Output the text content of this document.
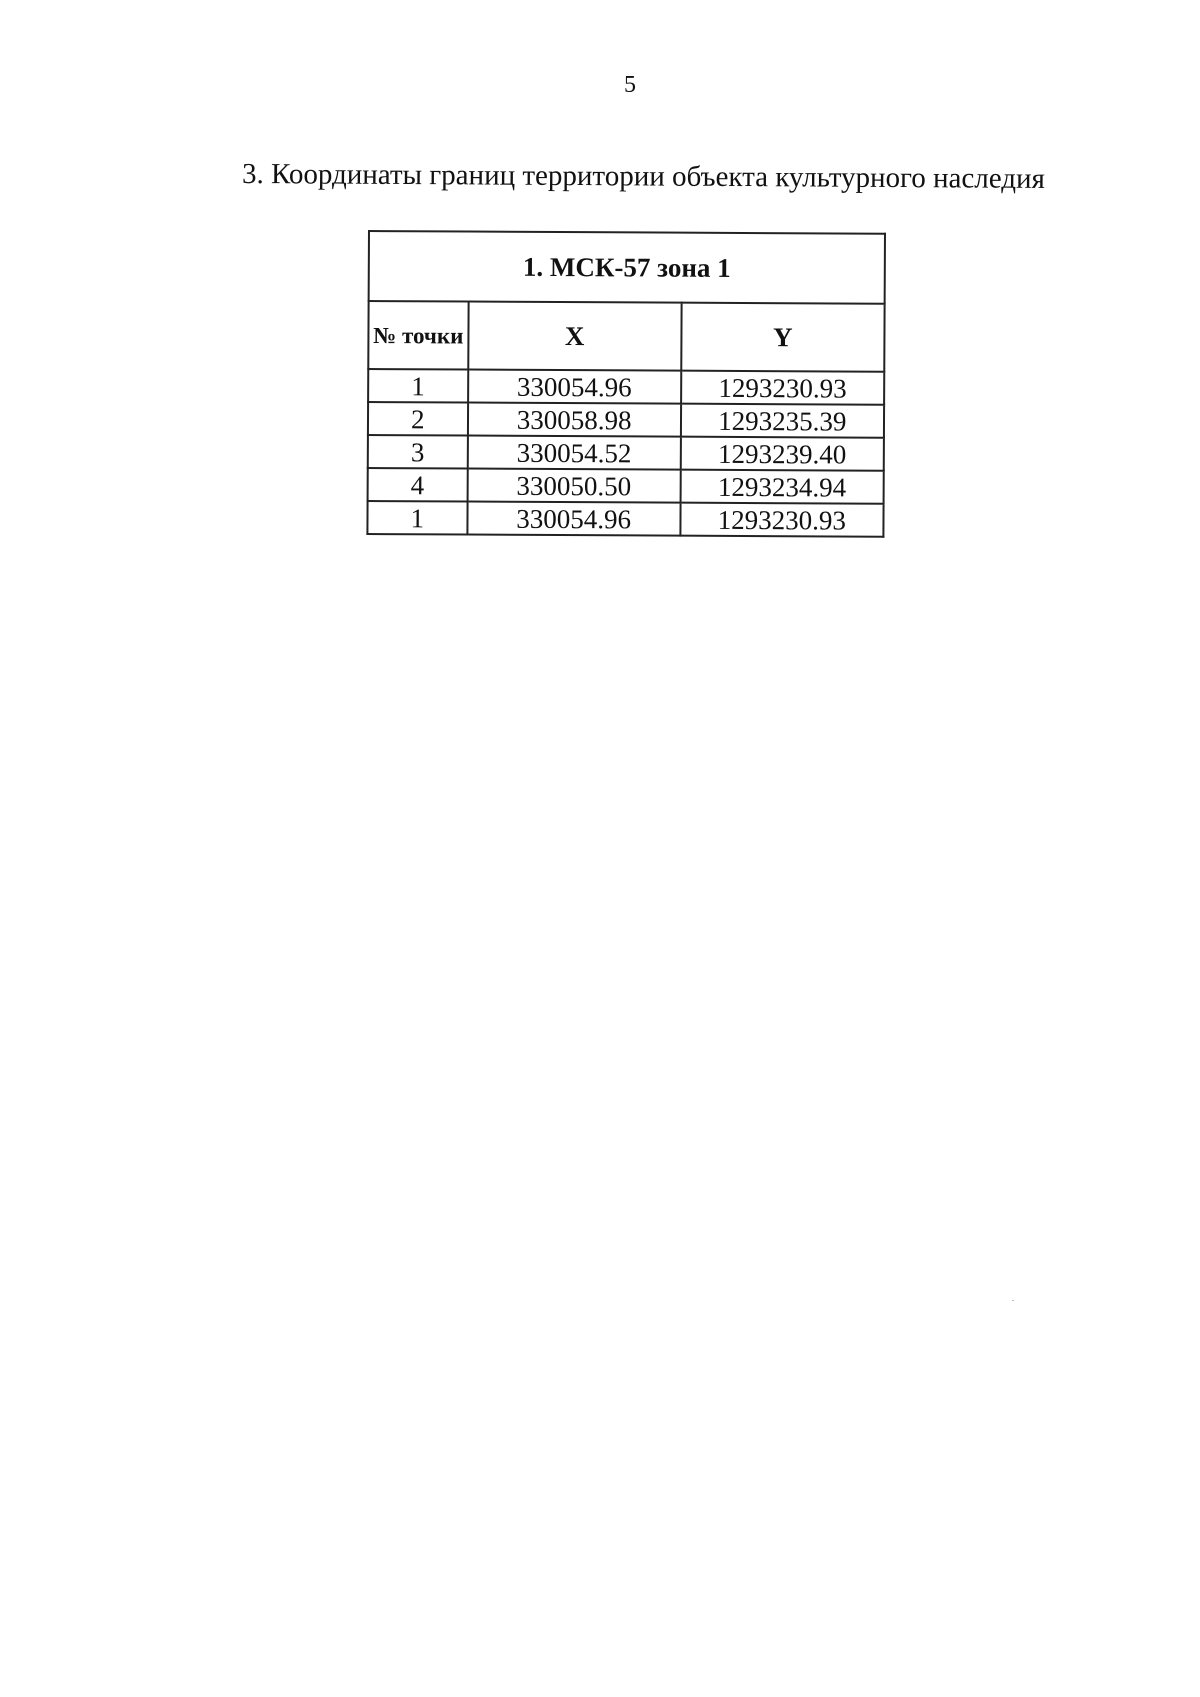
5
3. Координаты границ территории объекта культурного наследия
1. МСК-57 зона 1		
№ точки	X	Y
1	330054.96	1293230.93
2	330058.98	1293235.39
3	330054.52	1293239.40
4	330050.50	1293234.94
1	330054.96	1293230.93
